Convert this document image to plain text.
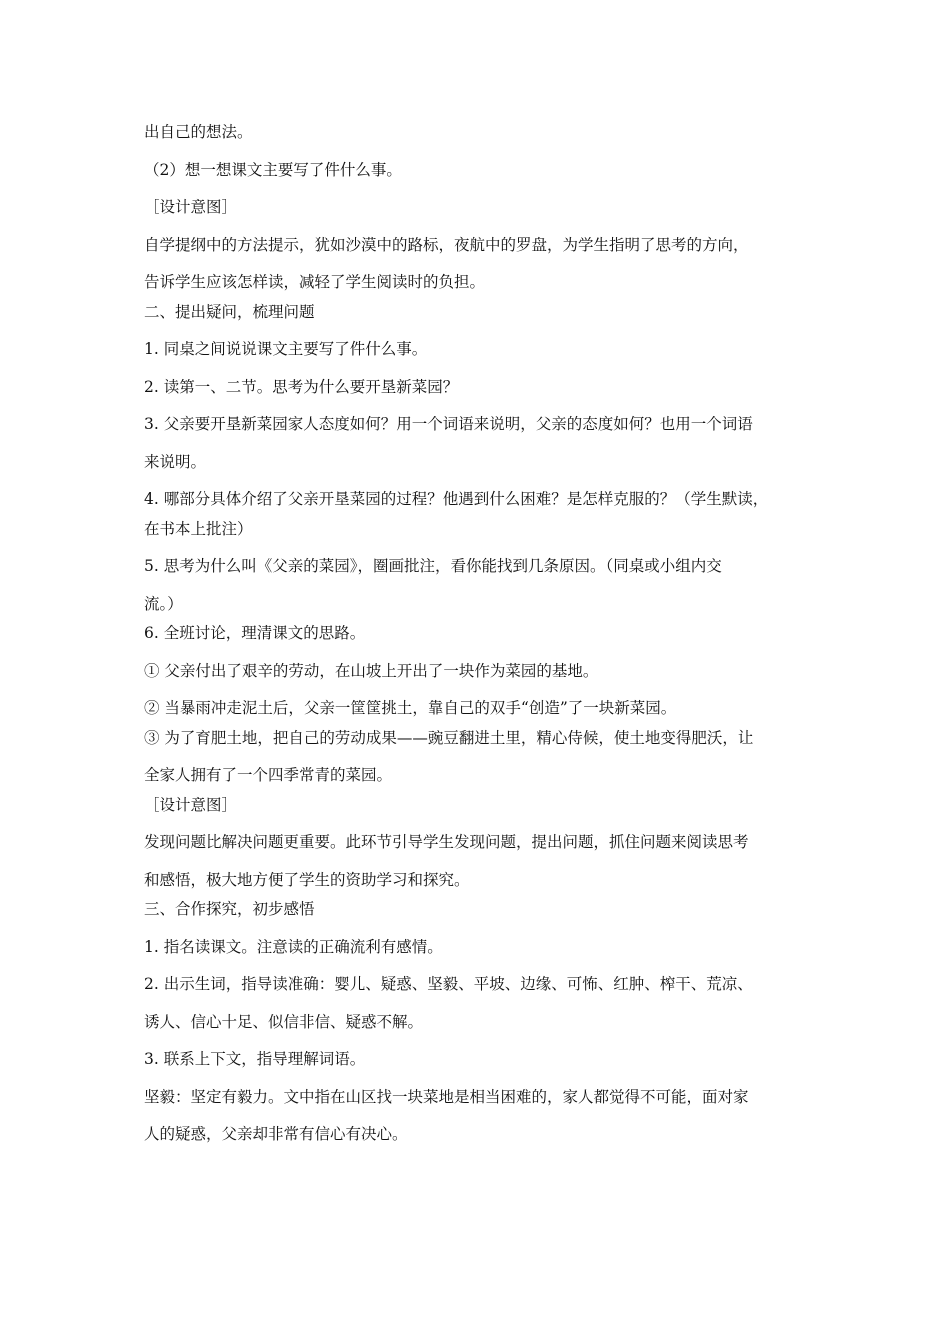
出自己的想法。
（2）想一想课文主要写了件什么事。
［设计意图］
自学提纲中的方法提示，犹如沙漠中的路标，夜航中的罗盘，为学生指明了思考的方向，
告诉学生应该怎样读，减轻了学生阅读时的负担。
二、提出疑问，梳理问题
1. 同桌之间说说课文主要写了件什么事。
2. 读第一、二节。思考为什么要开垦新菜园？
3. 父亲要开垦新菜园家人态度如何？用一个词语来说明，父亲的态度如何？也用一个词语
来说明。
4. 哪部分具体介绍了父亲开垦菜园的过程？他遇到什么困难？是怎样克服的？（学生默读，
在书本上批注）
5. 思考为什么叫《父亲的菜园》，圈画批注，看你能找到几条原因。（同桌或小组内交
流。）
6. 全班讨论，理清课文的思路。
① 父亲付出了艰辛的劳动，在山坡上开出了一块作为菜园的基地。
② 当暴雨冲走泥土后，父亲一筐筐挑土，靠自己的双手“创造”了一块新菜园。
③ 为了育肥土地，把自己的劳动成果——豌豆翻进土里，精心侍候，使土地变得肥沃，让
全家人拥有了一个四季常青的菜园。
［设计意图］
发现问题比解决问题更重要。此环节引导学生发现问题，提出问题，抓住问题来阅读思考
和感悟，极大地方便了学生的资助学习和探究。
三、合作探究，初步感悟
1. 指名读课文。注意读的正确流利有感情。
2. 出示生词，指导读准确：婴儿、疑惑、坚毅、平坡、边缘、可怖、红肿、榨干、荒凉、
诱人、信心十足、似信非信、疑惑不解。
3. 联系上下文，指导理解词语。
坚毅：坚定有毅力。文中指在山区找一块菜地是相当困难的，家人都觉得不可能，面对家
人的疑惑，父亲却非常有信心有决心。
